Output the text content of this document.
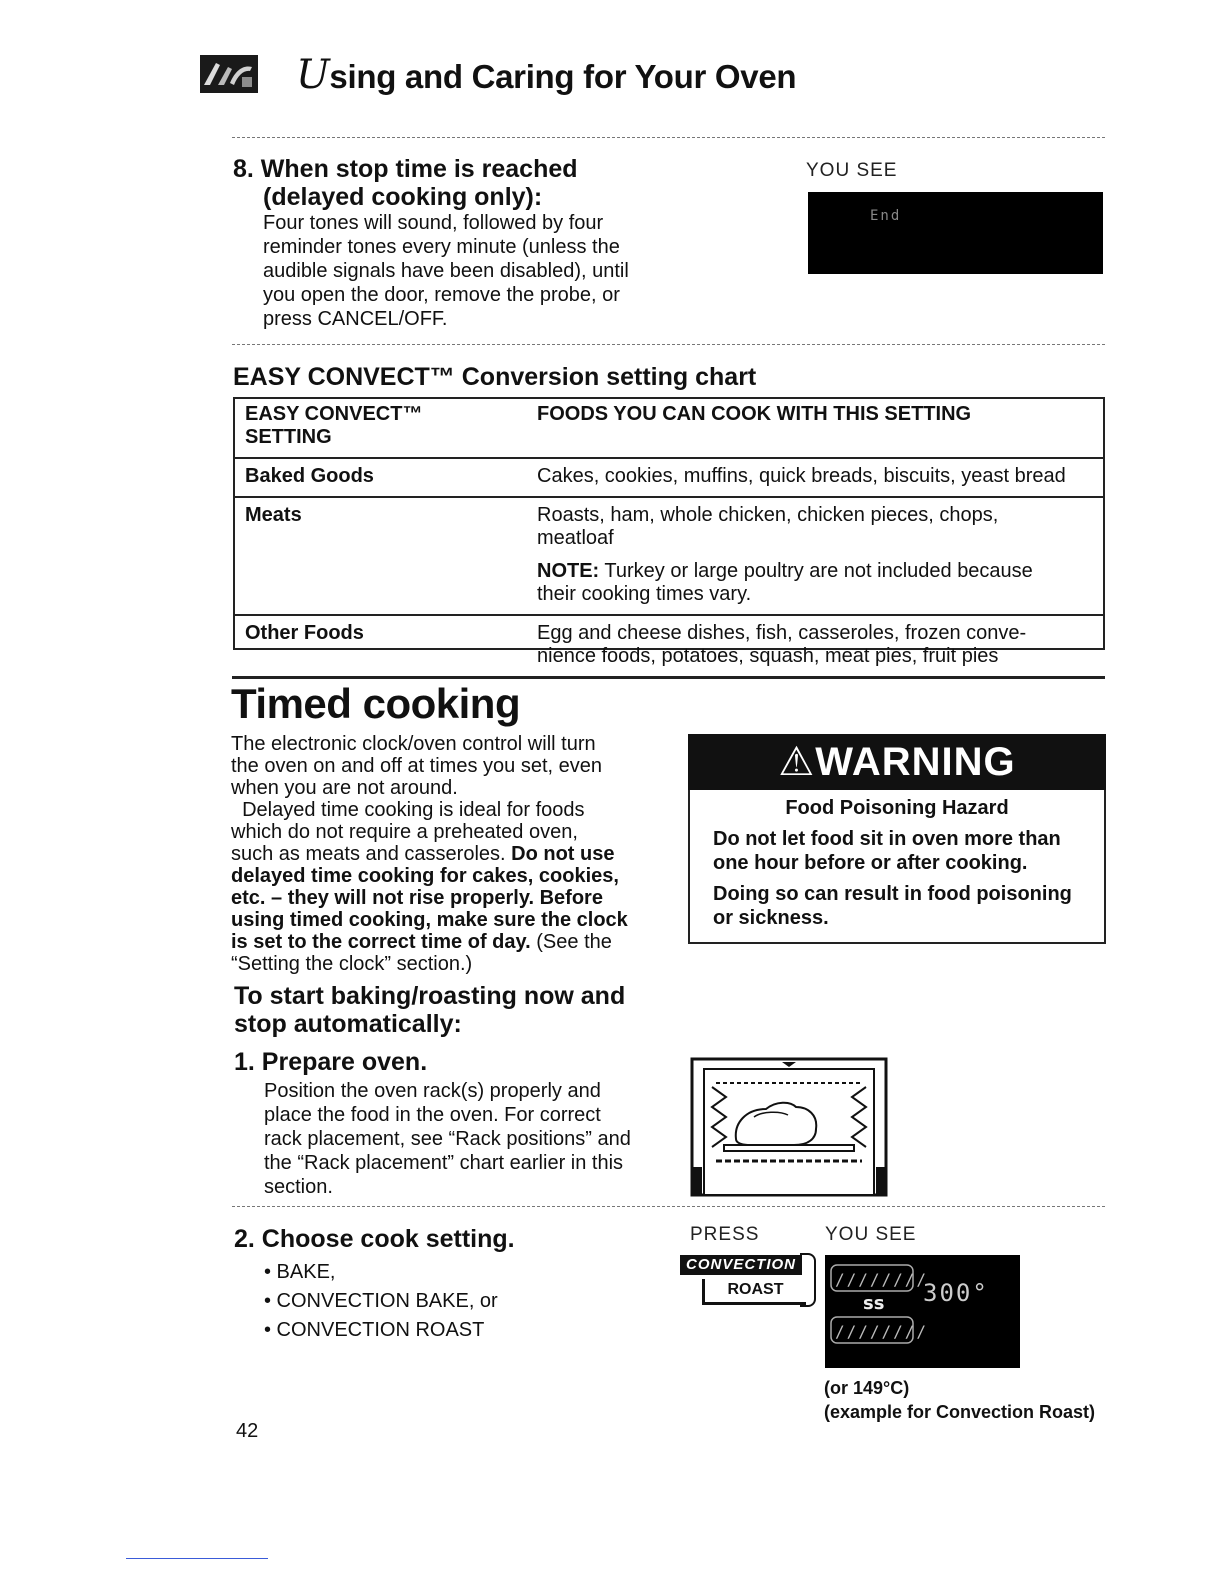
Using and Caring for Your Oven
8. When stop time is reached
(delayed cooking only):
Four tones will sound, followed by four
reminder tones every minute (unless the
audible signals have been disabled), until
you open the door, remove the probe, or
press CANCEL/OFF.
YOU SEE
End
EASY CONVECT™ Conversion setting chart
EASY CONVECT™ SETTING	FOODS YOU CAN COOK WITH THIS SETTING
Baked Goods	Cakes, cookies, muffins, quick breads, biscuits, yeast bread

Meats	Roasts, ham, whole chicken, chicken pieces, chops,
meatloaf
NOTE: Turkey or large poultry are not included because
their cooking times vary.

Other Foods	Egg and cheese dishes, fish, casseroles, frozen conve-
nience foods, potatoes, squash, meat pies, fruit pies
Timed cooking
The electronic clock/oven control will turn
the oven on and off at times you set, even
when you are not around.
Delayed time cooking is ideal for foods
which do not require a preheated oven,
such as meats and casseroles. Do not use
delayed time cooking for cakes, cookies,
etc. – they will not rise properly. Before
using timed cooking, make sure the clock
is set to the correct time of day. (See the
“Setting the clock” section.)
To start baking/roasting now and
stop automatically:
⚠WARNING
Food Poisoning Hazard
Do not let food sit in oven more than
one hour before or after cooking.
Doing so can result in food poisoning
or sickness.
1. Prepare oven.
Position the oven rack(s) properly and
place the food in the oven. For correct
rack placement, see “Rack positions” and
the “Rack placement” chart earlier in this
section.
2. Choose cook setting.
• BAKE,
• CONVECTION BAKE, or
• CONVECTION ROAST
PRESS	YOU SEE
CONVECTION
ROAST
////////
ss
////////
300°
(or 149°C)
(example for Convection Roast)
42
